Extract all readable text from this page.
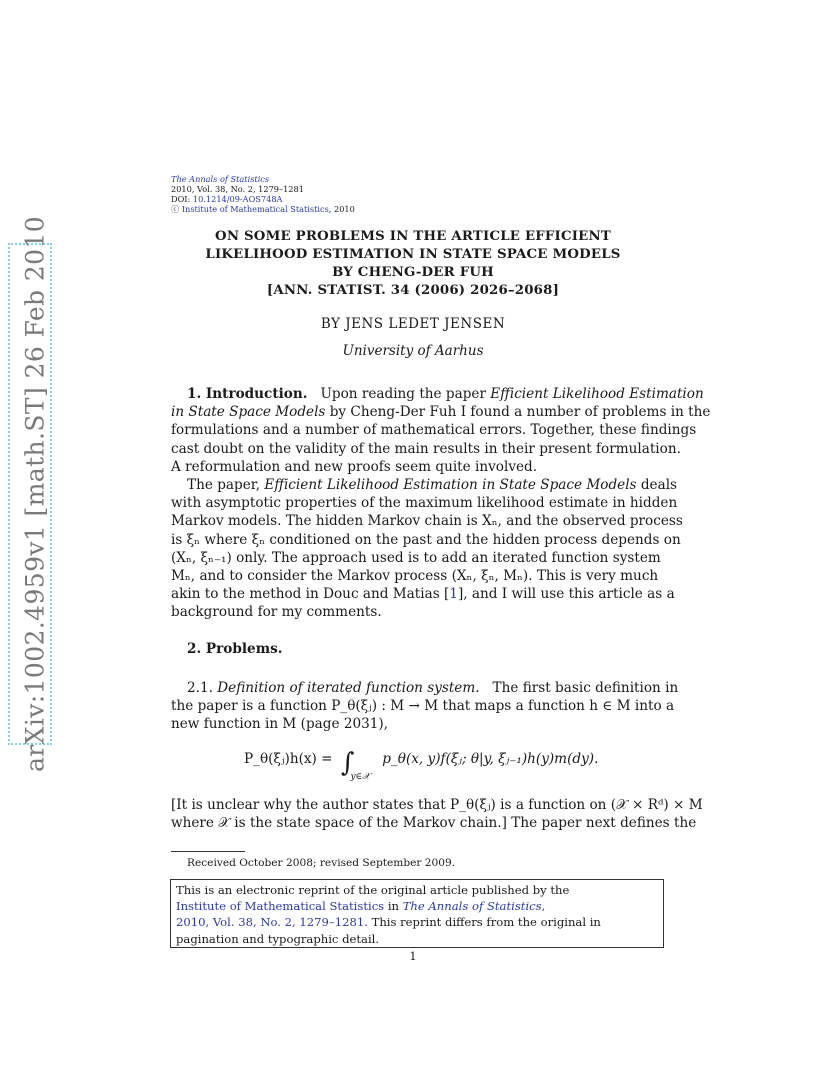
arXiv:1002.4959v1 [math.ST] 26 Feb 2010
The Annals of Statistics
2010, Vol. 38, No. 2, 1279–1281
DOI: 10.1214/09-AOS748A
ⓒ Institute of Mathematical Statistics, 2010
ON SOME PROBLEMS IN THE ARTICLE EFFICIENT
LIKELIHOOD ESTIMATION IN STATE SPACE MODELS
BY CHENG-DER FUH
[ANN. STATIST. 34 (2006) 2026–2068]
BY JENS LEDET JENSEN
University of Aarhus
1. Introduction. Upon reading the paper Efficient Likelihood Estimation
in State Space Models by Cheng-Der Fuh I found a number of problems in the
formulations and a number of mathematical errors. Together, these findings
cast doubt on the validity of the main results in their present formulation.
A reformulation and new proofs seem quite involved.
The paper, Efficient Likelihood Estimation in State Space Models deals
with asymptotic properties of the maximum likelihood estimate in hidden
Markov models. The hidden Markov chain is Xₙ, and the observed process
is ξₙ where ξₙ conditioned on the past and the hidden process depends on
(Xₙ, ξₙ₋₁) only. The approach used is to add an iterated function system
Mₙ, and to consider the Markov process (Xₙ, ξₙ, Mₙ). This is very much
akin to the method in Douc and Matias [1], and I will use this article as a
background for my comments.
2. Problems.
2.1. Definition of iterated function system. The first basic definition in
the paper is a function P_θ(ξⱼ) : M → M that maps a function h ∈ M into a
new function in M (page 2031),
P_θ(ξⱼ)h(x) = $\int_{y\in 𝒳}$ p_θ(x, y)f(ξⱼ; θ|y, ξⱼ₋₁)h(y)m(dy).
[It is unclear why the author states that P_θ(ξⱼ) is a function on (𝒳 × Rᵈ) × M
where 𝒳 is the state space of the Markov chain.] The paper next defines the
Received October 2008; revised September 2009.
This is an electronic reprint of the original article published by the
Institute of Mathematical Statistics in The Annals of Statistics,
2010, Vol. 38, No. 2, 1279–1281. This reprint differs from the original in
pagination and typographic detail.
1
